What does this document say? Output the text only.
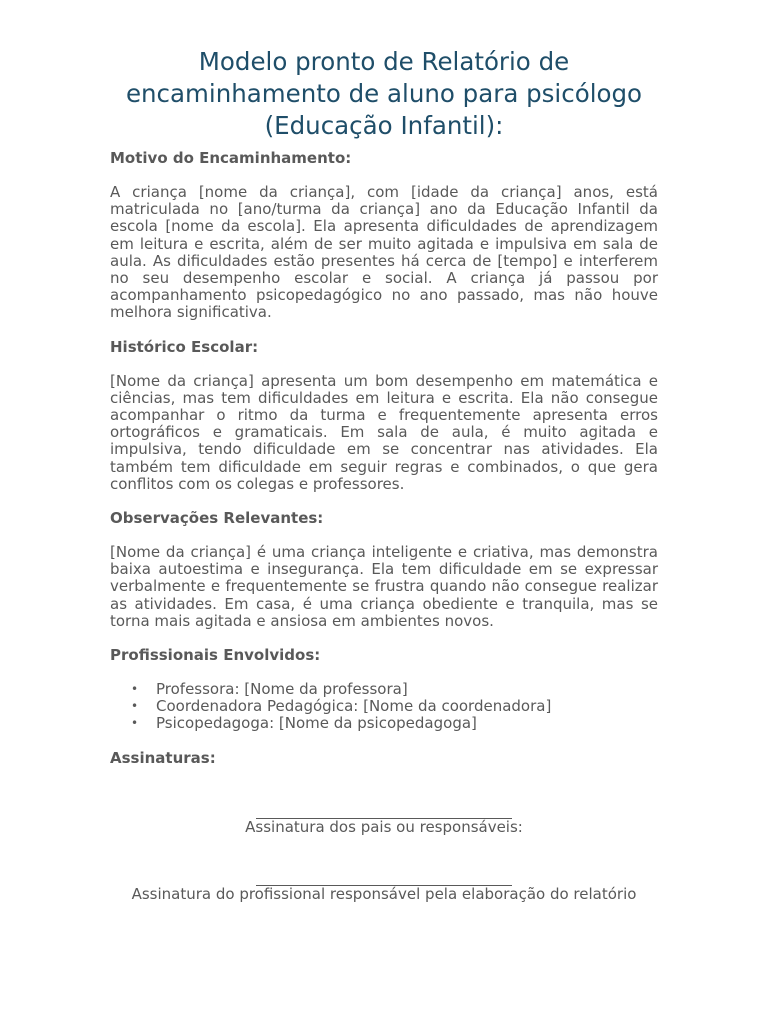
Modelo pronto de Relatório de encaminhamento de aluno para psicólogo (Educação Infantil):

Motivo do Encaminhamento:

A criança [nome da criança], com [idade da criança] anos, está matriculada no [ano/turma da criança] ano da Educação Infantil da escola [nome da escola]. Ela apresenta dificuldades de aprendizagem em leitura e escrita, além de ser muito agitada e impulsiva em sala de aula. As dificuldades estão presentes há cerca de [tempo] e interferem no seu desempenho escolar e social. A criança já passou por acompanhamento psicopedagógico no ano passado, mas não houve melhora significativa.

Histórico Escolar:

[Nome da criança] apresenta um bom desempenho em matemática e ciências, mas tem dificuldades em leitura e escrita. Ela não consegue acompanhar o ritmo da turma e frequentemente apresenta erros ortográficos e gramaticais. Em sala de aula, é muito agitada e impulsiva, tendo dificuldade em se concentrar nas atividades. Ela também tem dificuldade em seguir regras e combinados, o que gera conflitos com os colegas e professores.

Observações Relevantes:

[Nome da criança] é uma criança inteligente e criativa, mas demonstra baixa autoestima e insegurança. Ela tem dificuldade em se expressar verbalmente e frequentemente se frustra quando não consegue realizar as atividades. Em casa, é uma criança obediente e tranquila, mas se torna mais agitada e ansiosa em ambientes novos.

Profissionais Envolvidos:

• Professora: [Nome da professora]
• Coordenadora Pedagógica: [Nome da coordenadora]
• Psicopedagoga: [Nome da psicopedagoga]

Assinaturas:

Assinatura dos pais ou responsáveis:
Assinatura do profissional responsável pela elaboração do relatório
